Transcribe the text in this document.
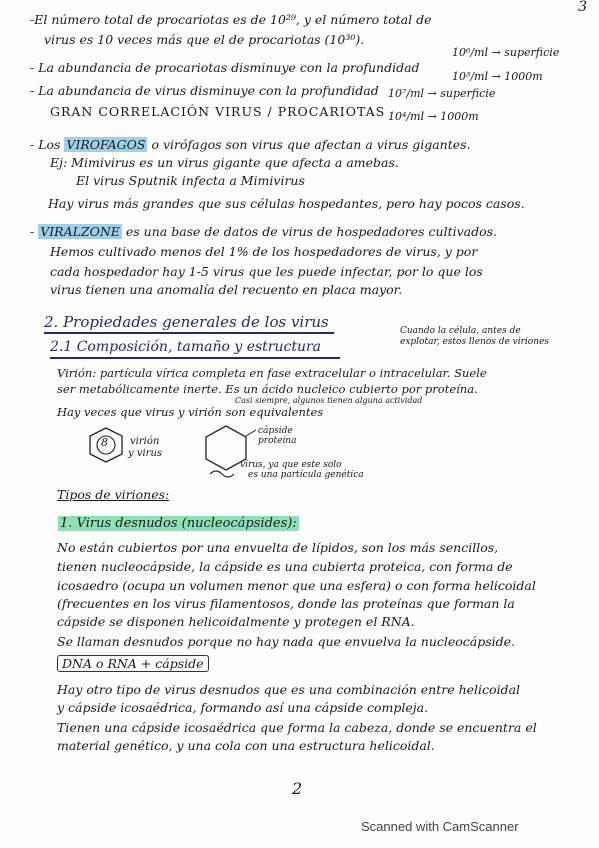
-El número total de procariotas es de 10²⁹, y el número total de
virus es 10 veces más que el de procariotas (10³⁰).
3
- La abundancia de procariotas disminuye con la profundidad
10⁶/ml → superficie
10³/ml → 1000m
- La abundancia de virus disminuye con la profundidad 10⁷/ml → superficie
10⁴/ml → 1000m
GRAN CORRELACIÓN VIRUS / PROCARIOTAS
- Los VIROFAGOS o virófagos son virus que afectan a virus gigantes.
Ej: Mimivirus es un virus gigante que afecta a amebas.
El virus Sputnik infecta a Mimivirus
Hay virus más grandes que sus células hospedantes, pero hay pocos casos.
- VIRALZONE es una base de datos de virus de hospedadores cultivados.
Hemos cultivado menos del 1% de los hospedadores de virus, y por
cada hospedador hay 1-5 virus que les puede infectar, por lo que los
virus tienen una anomalía del recuento en placa mayor.
2. Propiedades generales de los virus
2.1 Composición, tamaño y estructura
Cuando la célula, antes de
explotar, estos llenos de viriones
Virión: partícula vírica completa en fase extracelular o intracelular. Suele
ser metabólicamente inerte. Es un ácido nucleico cubierto por proteína.
Casi siempre, algunos tienen alguna actividad
Hay veces que virus y virión son equivalentes
8 virión
y virus
cápside
proteína
virus, ya que este solo
es una partícula genética
Tipos de viriones:
1. Virus desnudos (nucleocápsides):
No están cubiertos por una envuelta de lípidos, son los más sencillos,
tienen nucleocápside, la cápside es una cubierta proteica, con forma de
icosaedro (ocupa un volumen menor que una esfera) o con forma helicoidal
(frecuentes en los virus filamentosos, donde las proteínas que forman la
cápside se disponen helicoidalmente y protegen el RNA.
Se llaman desnudos porque no hay nada que envuelva la nucleocápside.
DNA o RNA + cápside
Hay otro tipo de virus desnudos que es una combinación entre helicoidal
y cápside icosaédrica, formando así una cápside compleja.
Tienen una cápside icosaédrica que forma la cabeza, donde se encuentra el
material genético, y una cola con una estructura helicoidal.
2
Scanned with CamScanner
